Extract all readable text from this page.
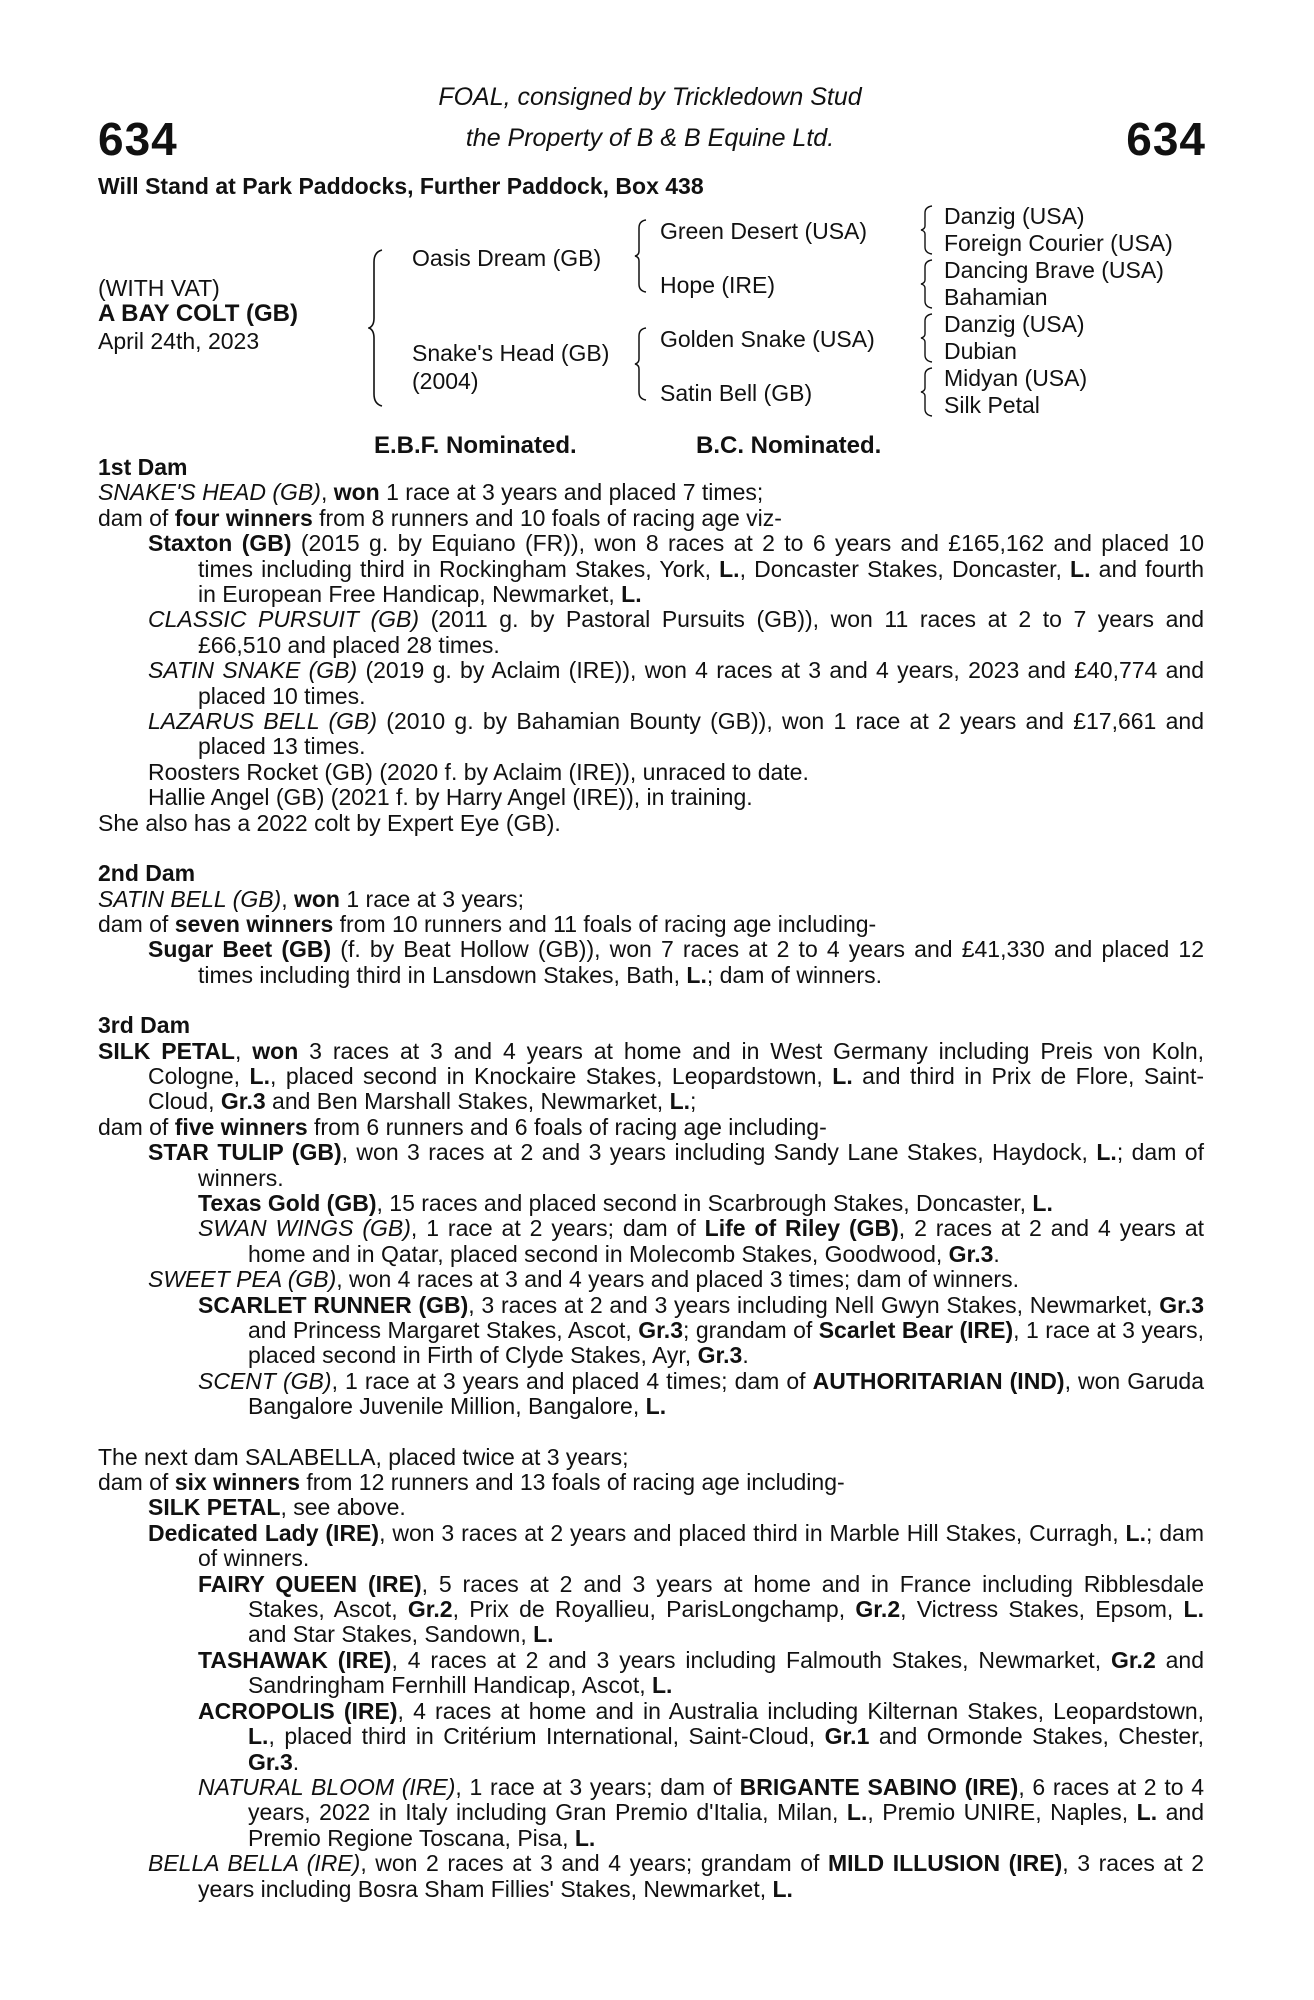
634	634
FOAL, consigned by Trickledown Stud
the Property of B & B Equine Ltd.
Will Stand at Park Paddocks, Further Paddock, Box 438
(WITH VAT)
A BAY COLT (GB)
April 24th, 2023
Oasis Dream (GB)
Snake's Head (GB)
(2004)
Green Desert (USA)
Hope (IRE)
Golden Snake (USA)
Satin Bell (GB)
Danzig (USA)
Foreign Courier (USA)
Dancing Brave (USA)
Bahamian
Danzig (USA)
Dubian
Midyan (USA)
Silk Petal
E.B.F. Nominated.	B.C. Nominated.

1st Dam

SNAKE'S HEAD (GB), won 1 race at 3 years and placed 7 times;

dam of four winners from 8 runners and 10 foals of racing age viz-

Staxton (GB) (2015 g. by Equiano (FR)), won 8 races at 2 to 6 years and £165,162 and placed 10 times including third in Rockingham Stakes, York, L., Doncaster Stakes, Doncaster, L. and fourth in European Free Handicap, Newmarket, L.

CLASSIC PURSUIT (GB) (2011 g. by Pastoral Pursuits (GB)), won 11 races at 2 to 7 years and £66,510 and placed 28 times.

SATIN SNAKE (GB) (2019 g. by Aclaim (IRE)), won 4 races at 3 and 4 years, 2023 and £40,774 and placed 10 times.

LAZARUS BELL (GB) (2010 g. by Bahamian Bounty (GB)), won 1 race at 2 years and £17,661 and placed 13 times.

Roosters Rocket (GB) (2020 f. by Aclaim (IRE)), unraced to date.

Hallie Angel (GB) (2021 f. by Harry Angel (IRE)), in training.

She also has a 2022 colt by Expert Eye (GB).

2nd Dam

SATIN BELL (GB), won 1 race at 3 years;

dam of seven winners from 10 runners and 11 foals of racing age including-

Sugar Beet (GB) (f. by Beat Hollow (GB)), won 7 races at 2 to 4 years and £41,330 and placed 12 times including third in Lansdown Stakes, Bath, L.; dam of winners.

3rd Dam

SILK PETAL, won 3 races at 3 and 4 years at home and in West Germany including Preis von Koln, Cologne, L., placed second in Knockaire Stakes, Leopardstown, L. and third in Prix de Flore, Saint-Cloud, Gr.3 and Ben Marshall Stakes, Newmarket, L.;

dam of five winners from 6 runners and 6 foals of racing age including-

STAR TULIP (GB), won 3 races at 2 and 3 years including Sandy Lane Stakes, Haydock, L.; dam of winners.

Texas Gold (GB), 15 races and placed second in Scarbrough Stakes, Doncaster, L.

SWAN WINGS (GB), 1 race at 2 years; dam of Life of Riley (GB), 2 races at 2 and 4 years at home and in Qatar, placed second in Molecomb Stakes, Goodwood, Gr.3.

SWEET PEA (GB), won 4 races at 3 and 4 years and placed 3 times; dam of winners.

SCARLET RUNNER (GB), 3 races at 2 and 3 years including Nell Gwyn Stakes, Newmarket, Gr.3 and Princess Margaret Stakes, Ascot, Gr.3; grandam of Scarlet Bear (IRE), 1 race at 3 years, placed second in Firth of Clyde Stakes, Ayr, Gr.3.

SCENT (GB), 1 race at 3 years and placed 4 times; dam of AUTHORITARIAN (IND), won Garuda Bangalore Juvenile Million, Bangalore, L.

The next dam SALABELLA, placed twice at 3 years;

dam of six winners from 12 runners and 13 foals of racing age including-

SILK PETAL, see above.

Dedicated Lady (IRE), won 3 races at 2 years and placed third in Marble Hill Stakes, Curragh, L.; dam of winners.

FAIRY QUEEN (IRE), 5 races at 2 and 3 years at home and in France including Ribblesdale Stakes, Ascot, Gr.2, Prix de Royallieu, ParisLongchamp, Gr.2, Victress Stakes, Epsom, L. and Star Stakes, Sandown, L.

TASHAWAK (IRE), 4 races at 2 and 3 years including Falmouth Stakes, Newmarket, Gr.2 and Sandringham Fernhill Handicap, Ascot, L.

ACROPOLIS (IRE), 4 races at home and in Australia including Kilternan Stakes, Leopardstown, L., placed third in Critérium International, Saint-Cloud, Gr.1 and Ormonde Stakes, Chester, Gr.3.

NATURAL BLOOM (IRE), 1 race at 3 years; dam of BRIGANTE SABINO (IRE), 6 races at 2 to 4 years, 2022 in Italy including Gran Premio d'Italia, Milan, L., Premio UNIRE, Naples, L. and Premio Regione Toscana, Pisa, L.

BELLA BELLA (IRE), won 2 races at 3 and 4 years; grandam of MILD ILLUSION (IRE), 3 races at 2 years including Bosra Sham Fillies' Stakes, Newmarket, L.
